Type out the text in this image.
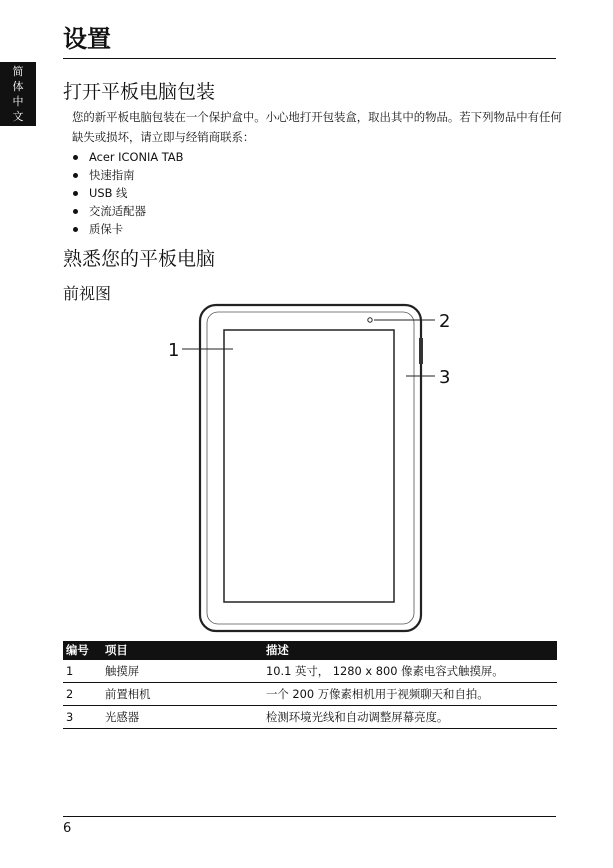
简
体
中
文
设置
打开平板电脑包装

您的新平板电脑包装在一个保护盒中。小心地打开包装盒，取出其中的物品。若下列物品中有任何缺失或损坏，请立即与经销商联系：

Acer ICONIA TAB
快速指南
USB 线
交流适配器
质保卡
熟悉您的平板电脑
前视图
1
2
3
编号	项目	描述
1	触摸屏	10.1 英寸， 1280 x 800 像素电容式触摸屏。
2	前置相机	一个 200 万像素相机用于视频聊天和自拍。
3	光感器	检测环境光线和自动调整屏幕亮度。
6
